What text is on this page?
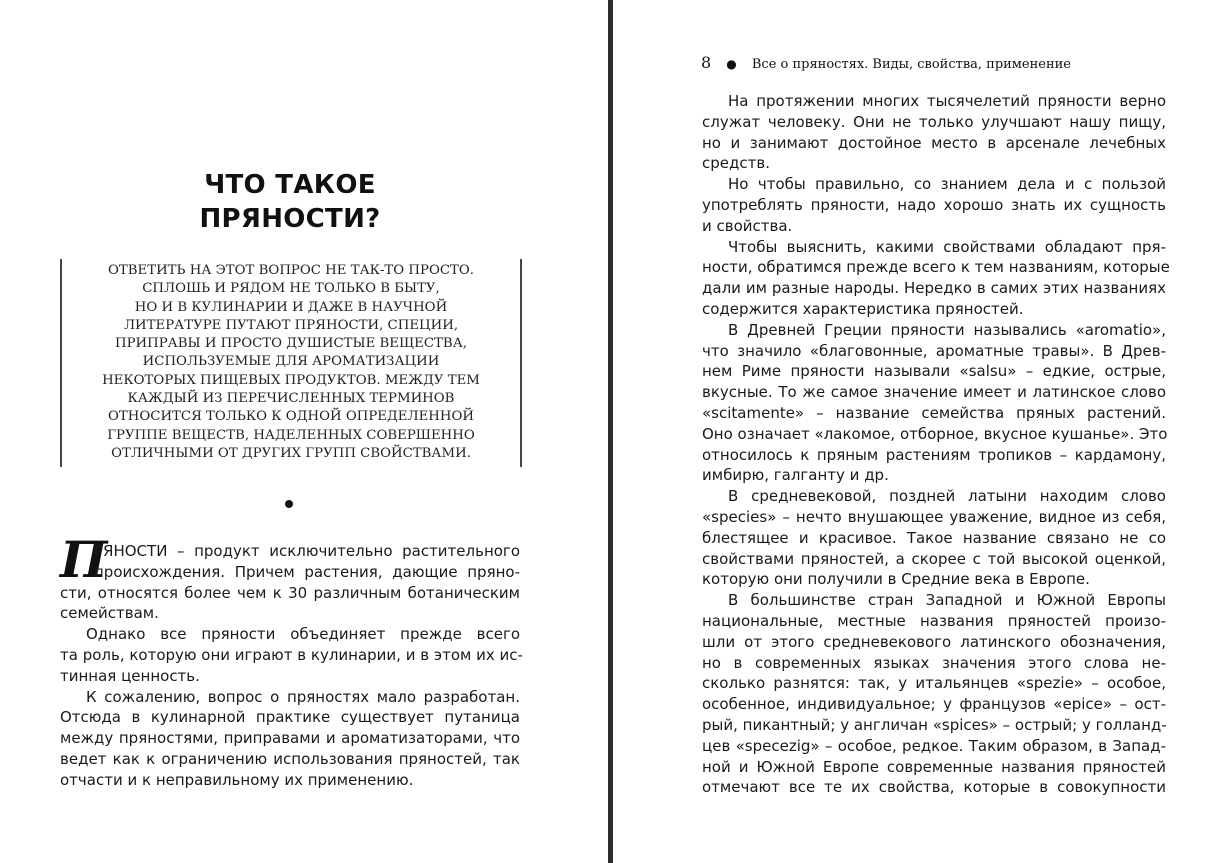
ЧТО ТАКОЕ
ПРЯНОСТИ?
ОТВЕТИТЬ НА ЭТОТ ВОПРОС НЕ ТАК-ТО ПРОСТО.
СПЛОШЬ И РЯДОМ НЕ ТОЛЬКО В БЫТУ,
НО И В КУЛИНАРИИ И ДАЖЕ В НАУЧНОЙ
ЛИТЕРАТУРЕ ПУТАЮТ ПРЯНОСТИ, СПЕЦИИ,
ПРИПРАВЫ И ПРОСТО ДУШИСТЫЕ ВЕЩЕСТВА,
ИСПОЛЬЗУЕМЫЕ ДЛЯ АРОМАТИЗАЦИИ
НЕКОТОРЫХ ПИЩЕВЫХ ПРОДУКТОВ. МЕЖДУ ТЕМ
КАЖДЫЙ ИЗ ПЕРЕЧИСЛЕННЫХ ТЕРМИНОВ
ОТНОСИТСЯ ТОЛЬКО К ОДНОЙ ОПРЕДЕЛЕННОЙ
ГРУППЕ ВЕЩЕСТВ, НАДЕЛЕННЫХ СОВЕРШЕННО
ОТЛИЧНЫМИ ОТ ДРУГИХ ГРУПП СВОЙСТВАМИ.
П
РЯНОСТИ – продукт исключительно растительного
происхождения. Причем растения, дающие пряно-
сти, относятся более чем к 30 различным ботаническим
семействам.
Однако все пряности объединяет прежде всего
та роль, которую они играют в кулинарии, и в этом их ис-
тинная ценность.
К сожалению, вопрос о пряностях мало разработан.
Отсюда в кулинарной практике существует путаница
между пряностями, приправами и ароматизаторами, что
ведет как к ограничению использования пряностей, так
отчасти и к неправильному их применению.
8 ● Все о пряностях. Виды, свойства, применение
На протяжении многих тысячелетий пряности верно
служат человеку. Они не только улучшают нашу пищу,
но и занимают достойное место в арсенале лечебных
средств.
Но чтобы правильно, со знанием дела и с пользой
употреблять пряности, надо хорошо знать их сущность
и свойства.
Чтобы выяснить, какими свойствами обладают пря-
ности, обратимся прежде всего к тем названиям, которые
дали им разные народы. Нередко в самих этих названиях
содержится характеристика пряностей.
В Древней Греции пряности назывались «aromatio»,
что значило «благовонные, ароматные травы». В Древ-
нем Риме пряности называли «salsu» – едкие, острые,
вкусные. То же самое значение имеет и латинское слово
«scitamente» – название семейства пряных растений.
Оно означает «лакомое, отборное, вкусное кушанье». Это
относилось к пряным растениям тропиков – кардамону,
имбирю, галганту и др.
В средневековой, поздней латыни находим слово
«species» – нечто внушающее уважение, видное из себя,
блестящее и красивое. Такое название связано не со
свойствами пряностей, а скорее с той высокой оценкой,
которую они получили в Средние века в Европе.
В большинстве стран Западной и Южной Европы
национальные, местные названия пряностей произо-
шли от этого средневекового латинского обозначения,
но в современных языках значения этого слова не-
сколько разнятся: так, у итальянцев «spezie» – особое,
особенное, индивидуальное; у французов «epice» – ост-
рый, пикантный; у англичан «spices» – острый; у голланд-
цев «specezig» – особое, редкое. Таким образом, в Запад-
ной и Южной Европе современные названия пряностей
отмечают все те их свойства, которые в совокупности
